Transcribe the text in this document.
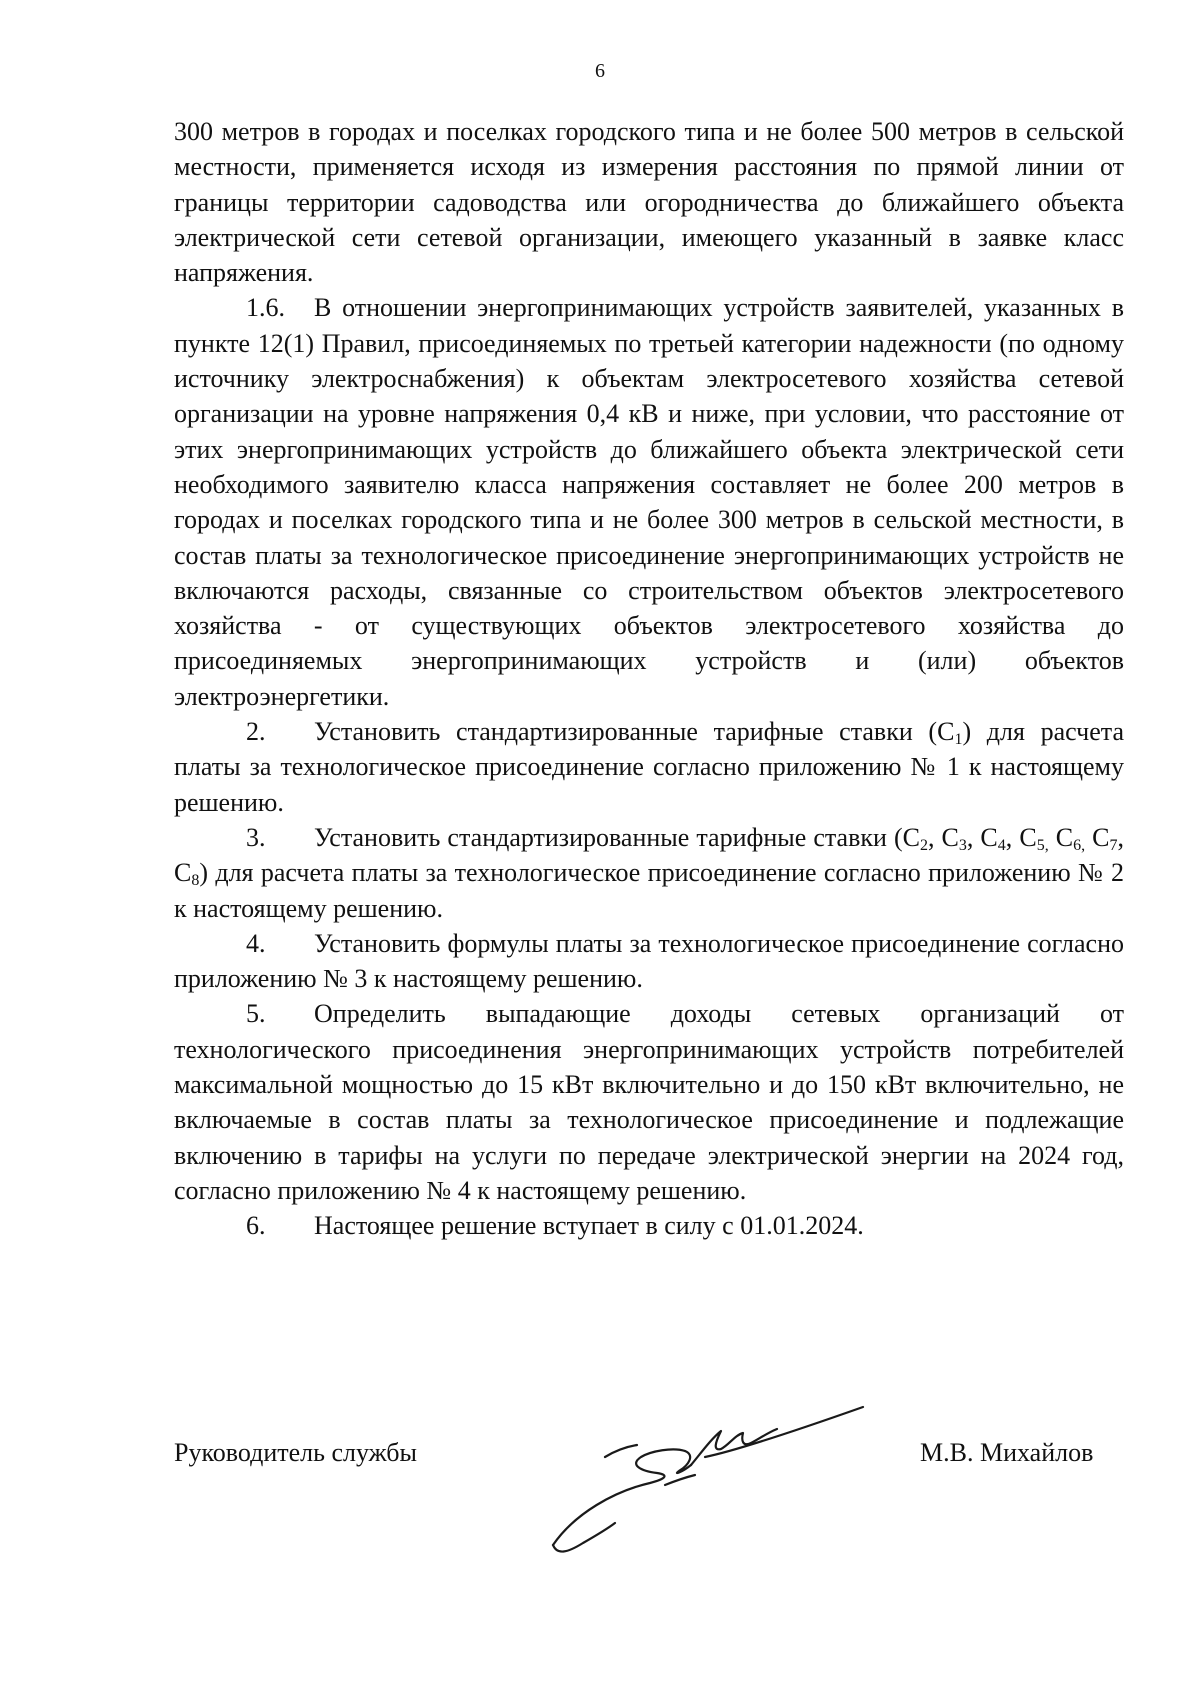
6

300 метров в городах и поселках городского типа и не более 500 метров в сельской местности, применяется исходя из измерения расстояния по прямой линии от границы территории садоводства или огородничества до ближайшего объекта электрической сети сетевой организации, имеющего указанный в заявке класс напряжения.

1.6. В отношении энергопринимающих устройств заявителей, указанных в пункте 12(1) Правил, присоединяемых по третьей категории надежности (по одному источнику электроснабжения) к объектам электросетевого хозяйства сетевой организации на уровне напряжения 0,4 кВ и ниже, при условии, что расстояние от этих энергопринимающих устройств до ближайшего объекта электрической сети необходимого заявителю класса напряжения составляет не более 200 метров в городах и поселках городского типа и не более 300 метров в сельской местности, в состав платы за технологическое присоединение энергопринимающих устройств не включаются расходы, связанные со строительством объектов электросетевого хозяйства - от существующих объектов электросетевого хозяйства до присоединяемых энергопринимающих устройств и (или) объектов электроэнергетики.

2. Установить стандартизированные тарифные ставки $(С_1)$ для расчета платы за технологическое присоединение согласно приложению № 1 к настоящему решению.

3. Установить стандартизированные тарифные ставки ($С_2$, $С_3$, $С_4$, $С_{5,}$ $С_{6,}$ $С_7$, $С_8$) для расчета платы за технологическое присоединение согласно приложению № 2 к настоящему решению.

4. Установить формулы платы за технологическое присоединение согласно приложению № 3 к настоящему решению.

5. Определить выпадающие доходы сетевых организаций от технологического присоединения энергопринимающих устройств потребителей максимальной мощностью до 15 кВт включительно и до 150 кВт включительно, не включаемые в состав платы за технологическое присоединение и подлежащие включению в тарифы на услуги по передаче электрической энергии на 2024 год, согласно приложению № 4 к настоящему решению.

6. Настоящее решение вступает в силу с 01.01.2024.

Руководитель службы	М.В. Михайлов
